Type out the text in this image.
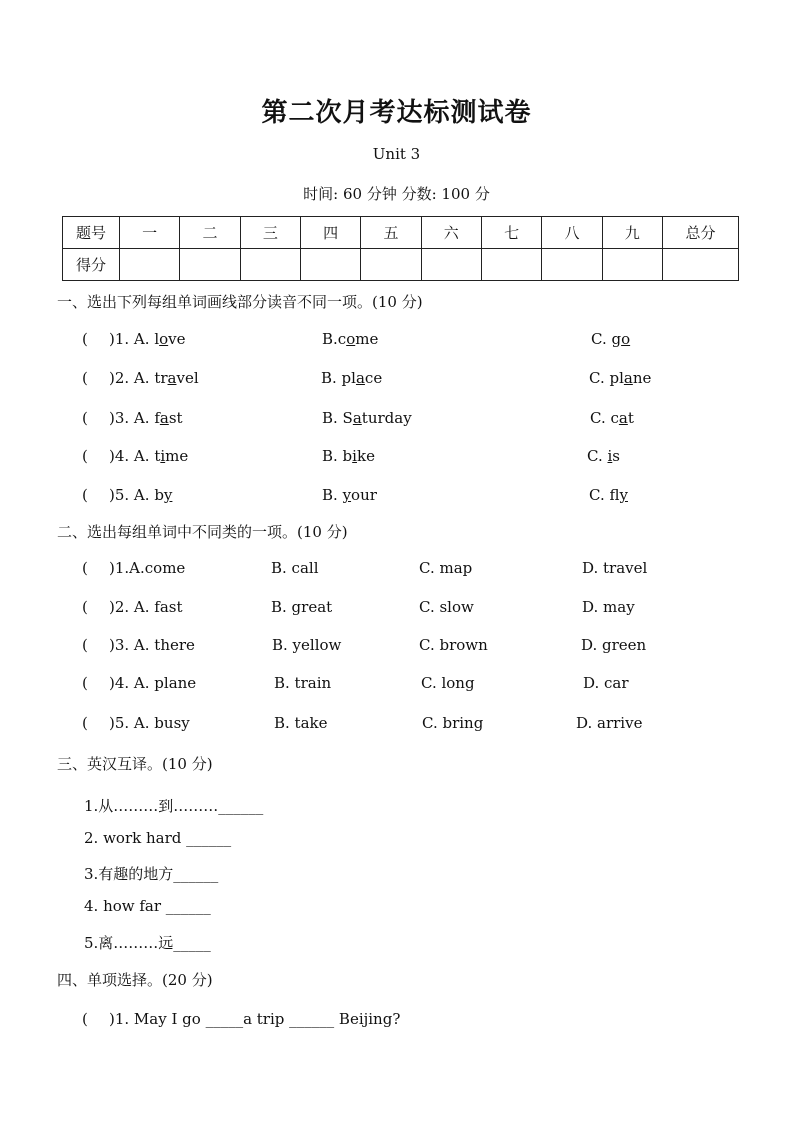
第二次月考达标测试卷
Unit 3
时间: 60 分钟 分数: 100 分
题号	一	二	三	四	五	六	七	八	九	总分
得分										
一、选出下列每组单词画线部分读音不同一项。(10 分)
( )1. A. love	B.come	C. go
( )2. A. travel	B. place	C. plane
( )3. A. fast	B. Saturday	C. cat
( )4. A. time	B. bike	C. is
( )5. A. by	B. your	C. fly
二、选出每组单词中不同类的一项。(10 分)
( )1.A.come	B. call	C. map	D. travel
( )2. A. fast	B. great	C. slow	D. may
( )3. A. there	B. yellow	C. brown	D. green
( )4. A. plane	B. train	C. long	D. car
( )5. A. busy	B. take	C. bring	D. arrive
三、英汉互译。(10 分)
1.从………到………______
2. work hard ______
3.有趣的地方______
4. how far ______
5.离………远_____
四、单项选择。(20 分)
( )1. May I go _____a trip ______ Beijing?
